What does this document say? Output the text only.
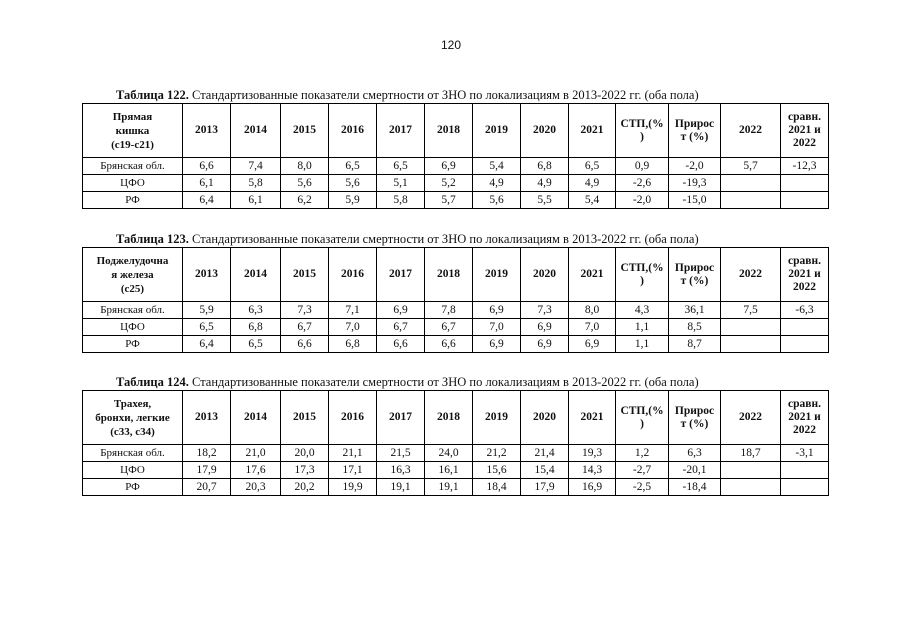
120
Таблица 122. Стандартизованные показатели смертности от ЗНО по локализациям в 2013-2022 гг. (оба пола)
Прямая
кишка
(с19-с21)	2013	2014	2015	2016	2017	2018	2019	2020	2021	СТП,(%
)	Прирос
т (%)	2022	сравн.
2021 и
2022
Брянская обл.	6,6	7,4	8,0	6,5	6,5	6,9	5,4	6,8	6,5	0,9	-2,0	5,7	-12,3
ЦФО	6,1	5,8	5,6	5,6	5,1	5,2	4,9	4,9	4,9	-2,6	-19,3		
РФ	6,4	6,1	6,2	5,9	5,8	5,7	5,6	5,5	5,4	-2,0	-15,0		
Таблица 123. Стандартизованные показатели смертности от ЗНО по локализациям в 2013-2022 гг. (оба пола)
Поджелудочна
я железа
(с25)	2013	2014	2015	2016	2017	2018	2019	2020	2021	СТП,(%
)	Прирос
т (%)	2022	сравн.
2021 и
2022
Брянская обл.	5,9	6,3	7,3	7,1	6,9	7,8	6,9	7,3	8,0	4,3	36,1	7,5	-6,3
ЦФО	6,5	6,8	6,7	7,0	6,7	6,7	7,0	6,9	7,0	1,1	8,5		
РФ	6,4	6,5	6,6	6,8	6,6	6,6	6,9	6,9	6,9	1,1	8,7		
Таблица 124. Стандартизованные показатели смертности от ЗНО по локализациям в 2013-2022 гг. (оба пола)
Трахея,
бронхи, легкие
(с33, с34)	2013	2014	2015	2016	2017	2018	2019	2020	2021	СТП,(%
)	Прирос
т (%)	2022	сравн.
2021 и
2022
Брянская обл.	18,2	21,0	20,0	21,1	21,5	24,0	21,2	21,4	19,3	1,2	6,3	18,7	-3,1
ЦФО	17,9	17,6	17,3	17,1	16,3	16,1	15,6	15,4	14,3	-2,7	-20,1		
РФ	20,7	20,3	20,2	19,9	19,1	19,1	18,4	17,9	16,9	-2,5	-18,4		
